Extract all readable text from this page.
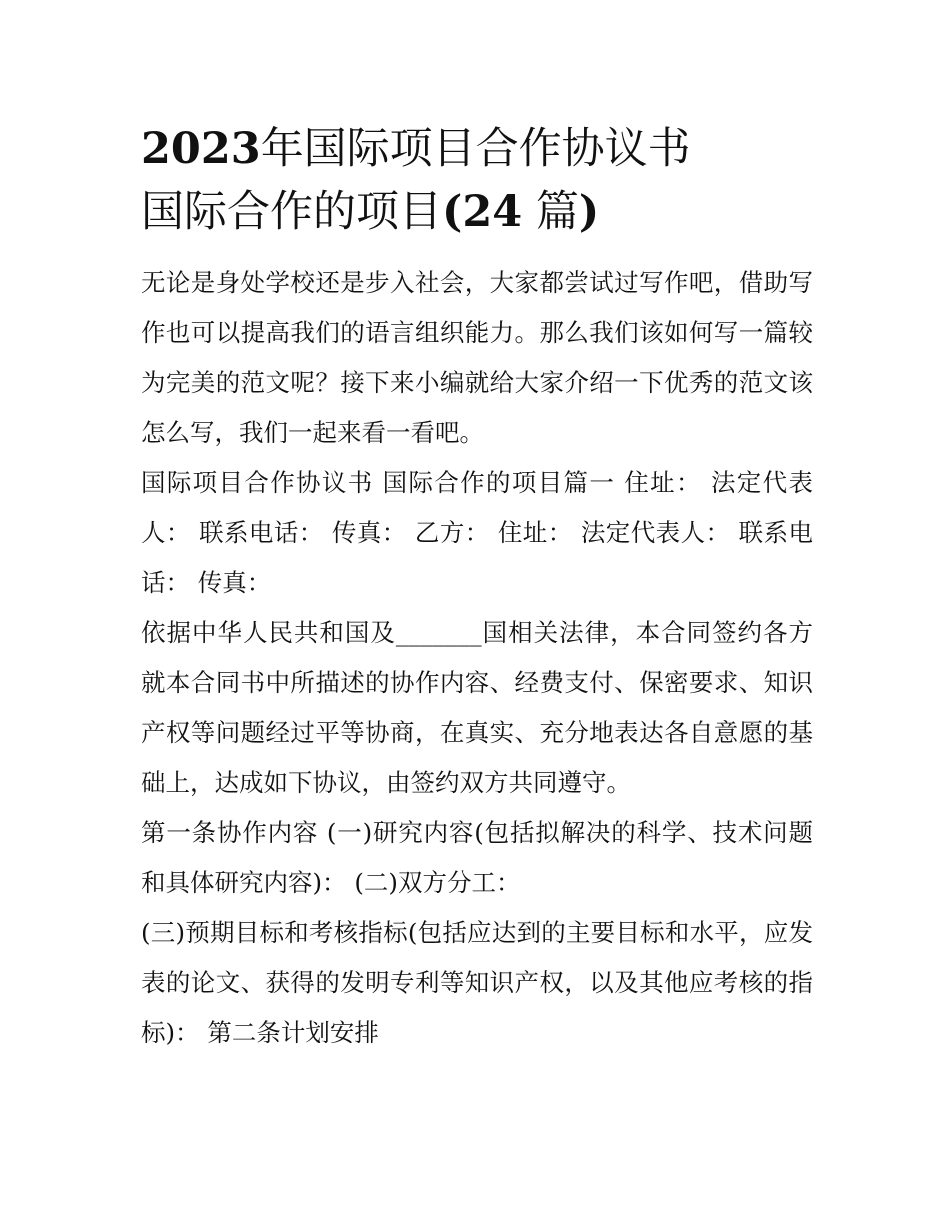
2023年国际项目合作协议书
国际合作的项目(24 篇)

无论是身处学校还是步入社会，大家都尝试过写作吧，借助写作也可以提高我们的语言组织能力。那么我们该如何写一篇较为完美的范文呢？接下来小编就给大家介绍一下优秀的范文该怎么写，我们一起来看一看吧。

国际项目合作协议书 国际合作的项目篇一 住址： 法定代表人： 联系电话： 传真： 乙方： 住址： 法定代表人： 联系电话： 传真：

依据中华人民共和国及_______国相关法律，本合同签约各方就本合同书中所描述的协作内容、经费支付、保密要求、知识产权等问题经过平等协商，在真实、充分地表达各自意愿的基础上，达成如下协议，由签约双方共同遵守。

第一条协作内容 (一)研究内容(包括拟解决的科学、技术问题和具体研究内容)： (二)双方分工：

(三)预期目标和考核指标(包括应达到的主要目标和水平，应发表的论文、获得的发明专利等知识产权，以及其他应考核的指标)： 第二条计划安排
